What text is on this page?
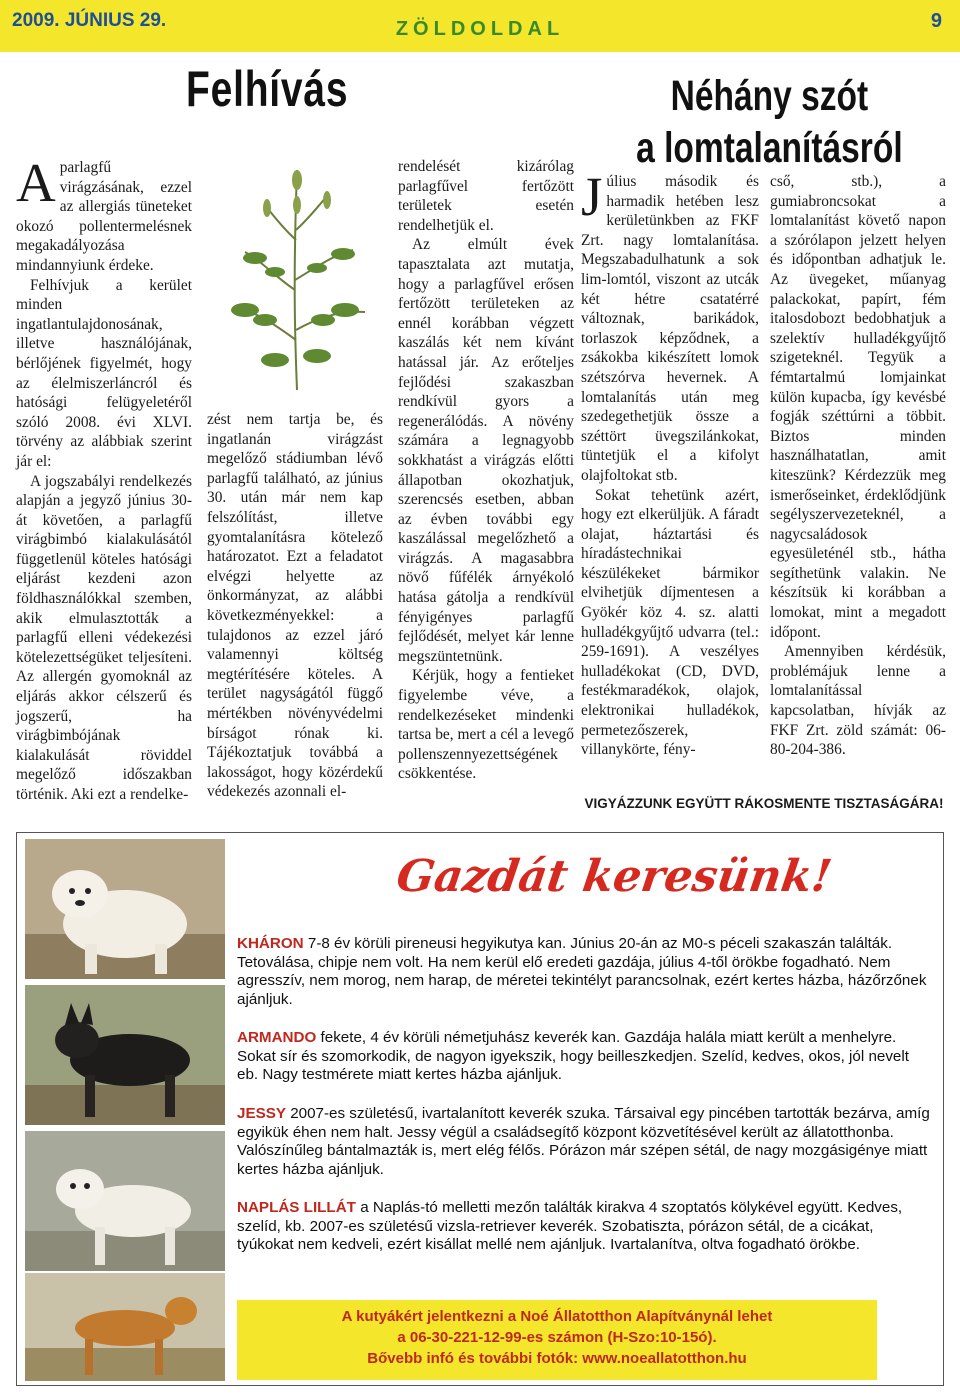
2009. JÚNIUS 29.	ZÖLDOLDAL	9
Felhívás

Aparlagfű virágzásának, ezzel az allergiás tüneteket okozó pollentermelésnek megakadályozása mindannyiunk érdeke.

Felhívjuk a kerület minden ingatlantulajdonosának, illetve használójának, bérlőjének figyelmét, hogy az élelmiszerláncról és hatósági felügyeletéről szóló 2008. évi XLVI. törvény az alábbiak szerint jár el:

A jogszabályi rendelkezés alapján a jegyző június 30-át követően, a parlagfű virágbimbó kialakulásától függetlenül köteles hatósági eljárást kezdeni azon földhasználókkal szemben, akik elmulasztották a parlagfű elleni védekezési kötelezettségüket teljesíteni. Az allergén gyomoknál az eljárás akkor célszerű és jogszerű, ha virágbimbójának kialakulását röviddel megelőző időszakban történik. Aki ezt a rendelke-

zést nem tartja be, és ingatlanán virágzást megelőző stádiumban lévő parlagfű található, az június 30. után már nem kap felszólítást, illetve gyomtalanításra kötelező határozatot. Ezt a feladatot elvégzi helyette az önkormányzat, az alábbi következményekkel: a tulajdonos az ezzel járó valamennyi költség megtérítésére köteles. A terület nagyságától függő mértékben növényvédelmi bírságot rónak ki. Tájékoztatjuk továbbá a lakosságot, hogy közérdekű védekezés azonnali el-

rendelését kizárólag parlagfűvel fertőzött területek esetén rendelhetjük el.

Az elmúlt évek tapasztalata azt mutatja, hogy a parlagfűvel erősen fertőzött területeken az ennél korábban végzett kaszálás két nem kívánt hatással jár. Az erőteljes fejlődési szakaszban rendkívül gyors a regenerálódás. A növény számára a legnagyobb sokkhatást a virágzás előtti állapotban okozhatjuk, szerencsés esetben, abban az évben további egy kaszálással megelőzhető a virágzás. A magasabbra növő fűfélék árnyékoló hatása gátolja a rendkívül fényigényes parlagfű fejlődését, melyet kár lenne megszüntetnünk.

Kérjük, hogy a fentieket figyelembe véve, a rendelkezéseket mindenki tartsa be, mert a cél a levegő pollenszennyezettségének csökkentése.

Néhány szót
a lomtalanításról

Július második és harmadik hetében lesz kerületünkben az FKF Zrt. nagy lomtalanítása. Megszabadulhatunk a sok lim-lomtól, viszont az utcák két hétre csatatérré változnak, barikádok, torlaszok képződnek, a zsákokba kikészített lomok szétszórva hevernek. A lomtalanítás után meg szedegethetjük össze a széttört üvegszilánkokat, tüntetjük el a kifolyt olajfoltokat stb.

Sokat tehetünk azért, hogy ezt elkerüljük. A fáradt olajat, háztartási és híradástechnikai készülékeket bármikor elvihetjük díjmentesen a Gyökér köz 4. sz. alatti hulladékgyűjtő udvarra (tel.: 259-1691). A veszélyes hulladékokat (CD, DVD, festékmaradékok, olajok, elektronikai hulladékok, permetezőszerek, villanykörte, fény-

cső, stb.), a gumiabroncsokat a lomtalanítást követő napon a szórólapon jelzett helyen és időpontban adhatjuk le. Az üvegeket, műanyag palackokat, papírt, fém italosdobozt bedobhatjuk a szelektív hulladékgyűjtő szigeteknél. Tegyük a fémtartalmú lomjainkat külön kupacba, így kevésbé fogják széttúrni a többit. Biztos minden használhatatlan, amit kiteszünk? Kérdezzük meg ismerőseinket, érdeklődjünk segélyszervezeteknél, a nagycsaládosok egyesületénél stb., hátha segíthetünk valakin. Ne készítsük ki korábban a lomokat, mint a megadott időpont.

Amennyiben kérdésük, problémájuk lenne a lomtalanítással kapcsolatban, hívják az FKF Zrt. zöld számát: 06-80-204-386.

VIGYÁZZUNK EGYÜTT RÁKOSMENTE TISZTASÁGÁRA!
Gazdát keresünk!
KHÁRON 7-8 év körüli pireneusi hegyikutya kan. Június 20-án az M0-s péceli szakaszán találták. Tetoválása, chipje nem volt. Ha nem kerül elő eredeti gazdája, július 4-től örökbe fogadható. Nem agresszív, nem morog, nem harap, de méretei tekintélyt parancsolnak, ezért kertes házba, házőrzőnek ajánljuk.
ARMANDO fekete, 4 év körüli németjuhász keverék kan. Gazdája halála miatt került a menhelyre. Sokat sír és szomorkodik, de nagyon igyekszik, hogy beilleszkedjen. Szelíd, kedves, okos, jól nevelt eb. Nagy testmérete miatt kertes házba ajánljuk.
JESSY 2007-es születésű, ivartalanított keverék szuka. Társaival egy pincében tartották bezárva, amíg egyikük éhen nem halt. Jessy végül a családsegítő központ közvetítésével került az állatotthonba. Valószínűleg bántalmazták is, mert elég félős. Pórázon már szépen sétál, de nagy mozgásigénye miatt kertes házba ajánljuk.
NAPLÁS LILLÁT a Naplás-tó melletti mezőn találták kirakva 4 szoptatós kölykével együtt. Kedves, szelíd, kb. 2007-es születésű vizsla-retriever keverék. Szobatiszta, pórázon sétál, de a cicákat, tyúkokat nem kedveli, ezért kisállat mellé nem ajánljuk. Ivartalanítva, oltva fogadható örökbe.
A kutyákért jelentkezni a Noé Állatotthon Alapítványnál lehet
a 06-30-221-12-99-es számon (H-Szo:10-15ó).
Bővebb infó és további fotók: www.noeallatotthon.hu
